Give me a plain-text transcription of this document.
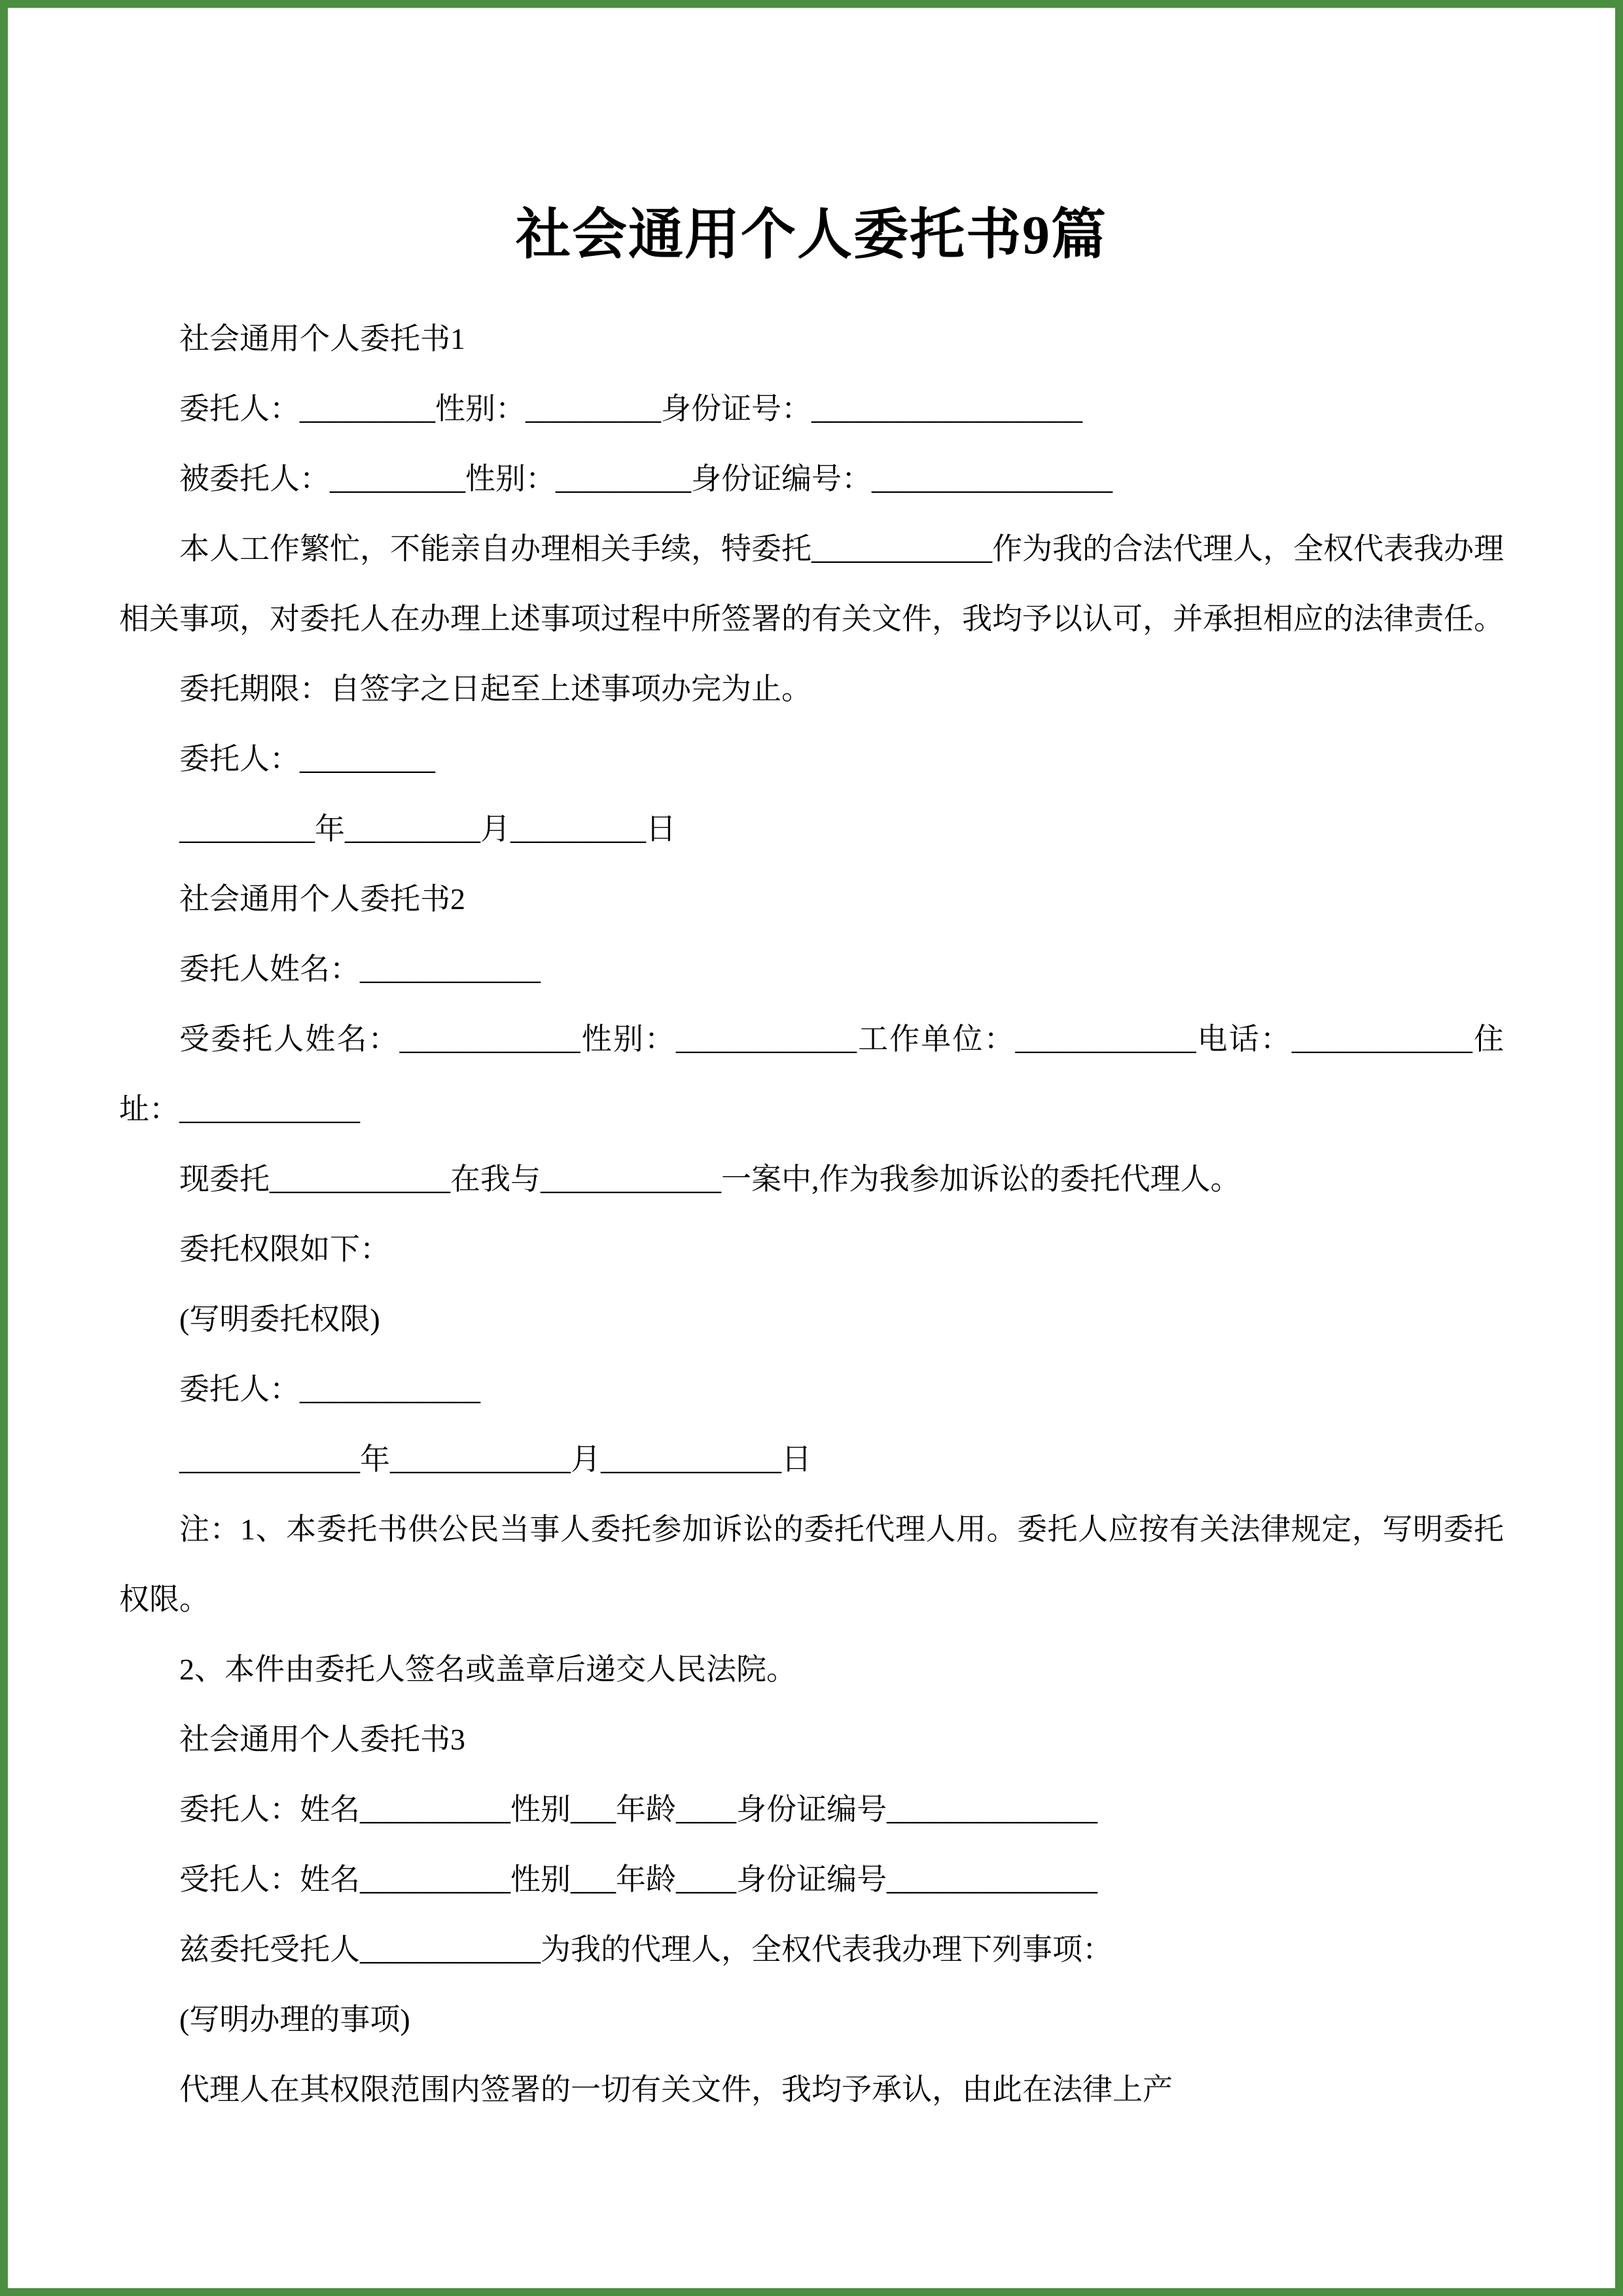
社会通用个人委托书9篇

社会通用个人委托书1

委托人：_________性别：_________身份证号：__________________

被委托人：_________性别：_________身份证编号：________________

本人工作繁忙，不能亲自办理相关手续，特委托____________作为我的合法代理人，全权代表我办理相关事项，对委托人在办理上述事项过程中所签署的有关文件，我均予以认可，并承担相应的法律责任。

委托期限：自签字之日起至上述事项办完为止。

委托人：_________

_________年_________月_________日

社会通用个人委托书2

委托人姓名：____________

受委托人姓名：____________性别：____________工作单位：____________电话：____________住址：____________

现委托____________在我与____________一案中,作为我参加诉讼的委托代理人。

委托权限如下：

(写明委托权限)

委托人：____________

____________年____________月____________日

注：1、本委托书供公民当事人委托参加诉讼的委托代理人用。委托人应按有关法律规定，写明委托权限。

2、本件由委托人签名或盖章后递交人民法院。

社会通用个人委托书3

委托人：姓名__________性别___年龄____身份证编号______________

受托人：姓名__________性别___年龄____身份证编号______________

兹委托受托人____________为我的代理人，全权代表我办理下列事项：

(写明办理的事项)

代理人在其权限范围内签署的一切有关文件，我均予承认，由此在法律上产
